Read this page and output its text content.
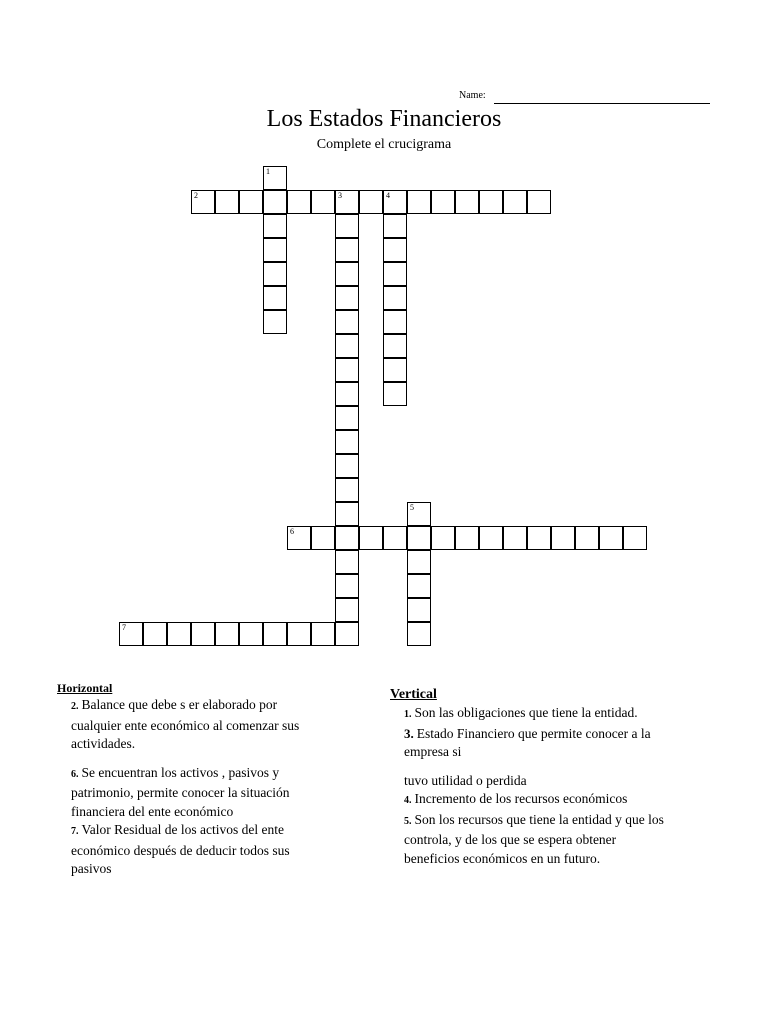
Name:
Los Estados Financieros
Complete el crucigrama
1
2	3	4
5
6
7
Horizontal
2. Balance que debe s er elaborado por
cualquier ente económico al comenzar sus
actividades.
6. Se encuentran los activos , pasivos y
patrimonio, permite conocer la situación
financiera del ente económico
7. Valor Residual de los activos del ente
económico después de deducir todos sus
pasivos
Vertical
1. Son las obligaciones que tiene la entidad.
3. Estado Financiero que permite conocer a la
empresa si
tuvo utilidad o perdida
4. Incremento de los recursos económicos
5. Son los recursos que tiene la entidad y que los
controla, y de los que se espera obtener
beneficios económicos en un futuro.
